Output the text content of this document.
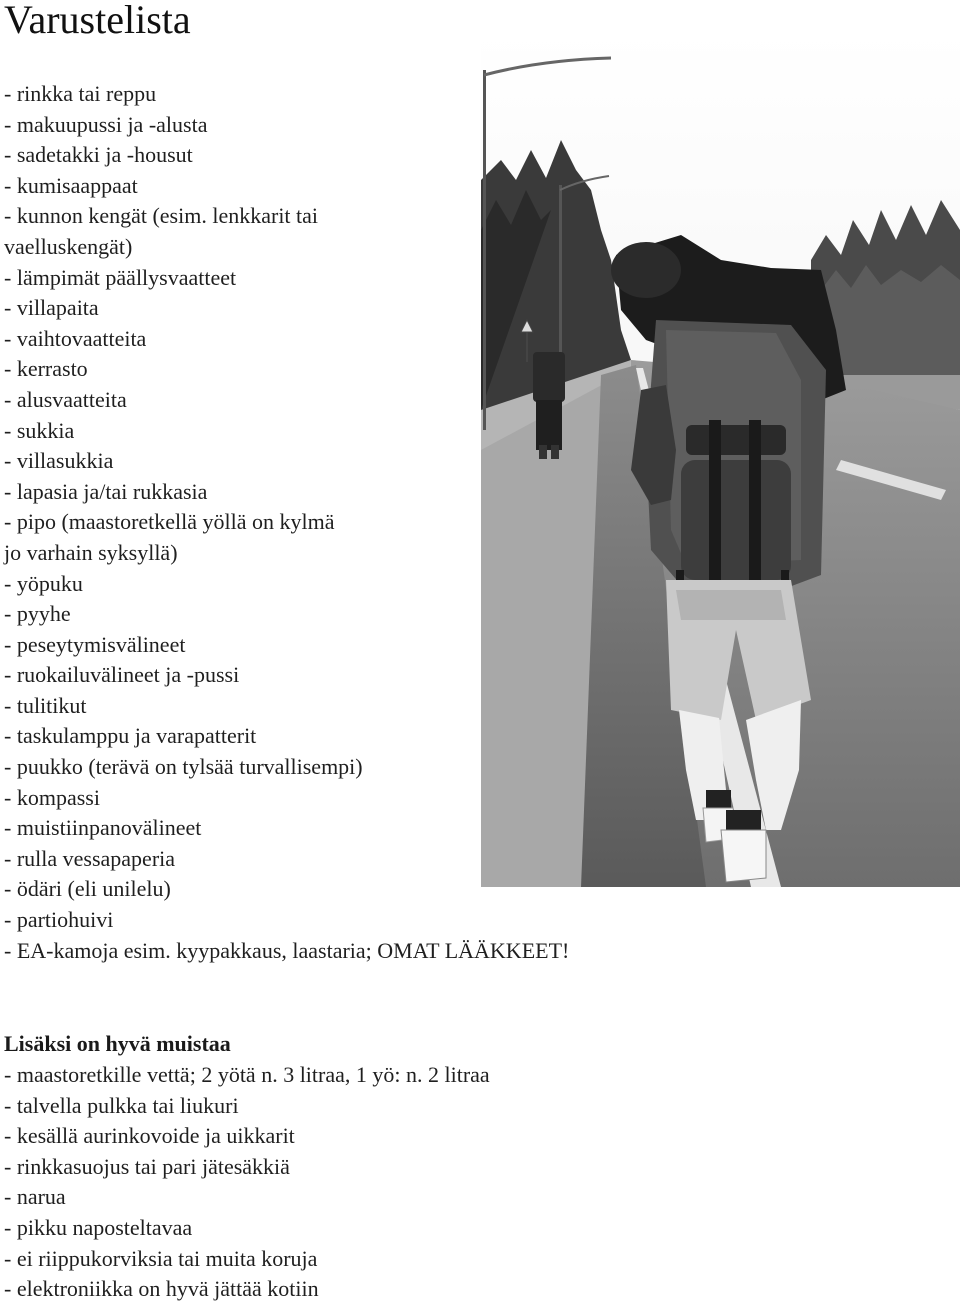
Varustelista
- rinkka tai reppu
- makuupussi ja -alusta
- sadetakki ja -housut
- kumisaappaat
- kunnon kengät (esim. lenkkarit tai
vaelluskengät)
- lämpimät päällysvaatteet
- villapaita
- vaihtovaatteita
- kerrasto
- alusvaatteita
- sukkia
- villasukkia
- lapasia ja/tai rukkasia
- pipo (maastoretkellä yöllä on kylmä
jo varhain syksyllä)
- yöpuku
- pyyhe
- peseytymisvälineet
- ruokailuvälineet ja -pussi
- tulitikut
- taskulamppu ja varapatterit
- puukko (terävä on tylsää turvallisempi)
- kompassi
- muistiinpanovälineet
- rulla vessapaperia
- ödäri (eli unilelu)
- partiohuivi
- EA-kamoja esim. kyypakkaus, laastaria; OMAT LÄÄKKEET!
Lisäksi on hyvä muistaa
- maastoretkille vettä; 2 yötä n. 3 litraa, 1 yö: n. 2 litraa
- talvella pulkka tai liukuri
- kesällä aurinkovoide ja uikkarit
- rinkkasuojus tai pari jätesäkkiä
- narua
- pikku naposteltavaa
- ei riippukorviksia tai muita koruja
- elektroniikka on hyvä jättää kotiin
